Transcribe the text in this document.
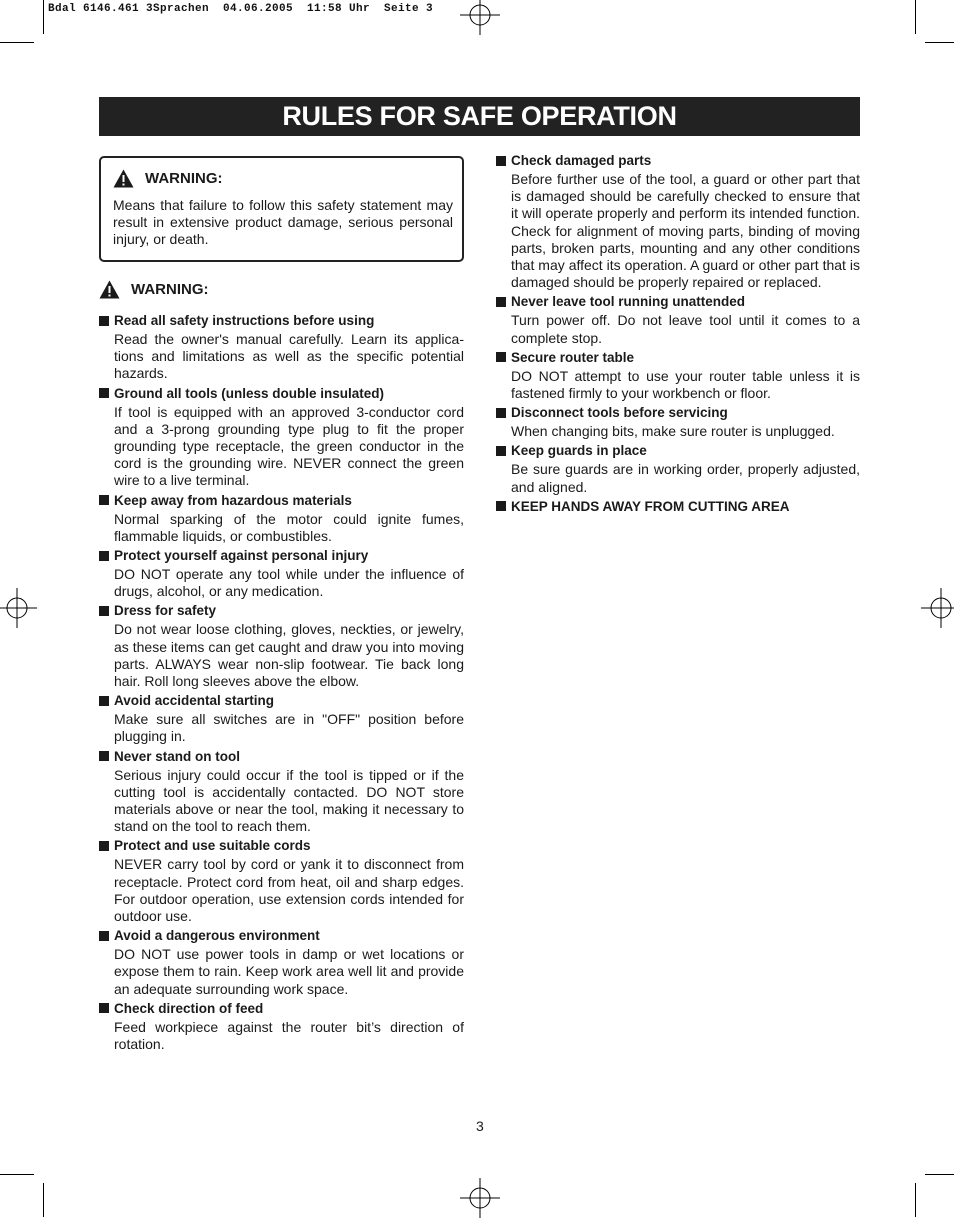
Bdal 6146.461 3Sprachen  04.06.2005  11:58 Uhr  Seite 3
RULES FOR SAFE OPERATION
WARNING:
Means that failure to follow this safety statement may result in extensive product damage, serious personal injury, or death.
WARNING:
Read all safety instructions before using
Read the owner's manual carefully. Learn its applications and limitations as well as the specific potential hazards.
Ground all tools (unless double insulated)
If tool is equipped with an approved 3-conductor cord and a 3-prong grounding type plug to fit the proper grounding type receptacle, the green conductor in the cord is the grounding wire. NEVER connect the green wire to a live terminal.
Keep away from hazardous materials
Normal sparking of the motor could ignite fumes, flammable liquids, or combustibles.
Protect yourself against personal injury
DO NOT operate any tool while under the influence of drugs, alcohol, or any medication.
Dress for safety
Do not wear loose clothing, gloves, neckties, or jewelry, as these items can get caught and draw you into moving parts. ALWAYS wear non-slip footwear. Tie back long hair. Roll long sleeves above the elbow.
Avoid accidental starting
Make sure all switches are in "OFF" position before plugging in.
Never stand on tool
Serious injury could occur if the tool is tipped or if the cutting tool is accidentally contacted. DO NOT store materials above or near the tool, making it necessary to stand on the tool to reach them.
Protect and use suitable cords
NEVER carry tool by cord or yank it to disconnect from receptacle. Protect cord from heat, oil and sharp edges. For outdoor operation, use extension cords intended for outdoor use.
Avoid a dangerous environment
DO NOT use power tools in damp or wet locations or expose them to rain. Keep work area well lit and provide an adequate surrounding work space.
Check direction of feed
Feed workpiece against the router bit’s direction of rotation.
Check damaged parts
Before further use of the tool, a guard or other part that is damaged should be carefully checked to ensure that it will operate properly and perform its intended function. Check for alignment of moving parts, binding of moving parts, broken parts, mounting and any other conditions that may affect its operation. A guard or other part that is damaged should be properly repaired or replaced.
Never leave tool running unattended
Turn power off. Do not leave tool until it comes to a complete stop.
Secure router table
DO NOT attempt to use your router table unless it is fastened firmly to your workbench or floor.
Disconnect tools before servicing
When changing bits, make sure router is unplugged.
Keep guards in place
Be sure guards are in working order, properly adjusted, and aligned.
KEEP HANDS AWAY FROM CUTTING AREA
3
